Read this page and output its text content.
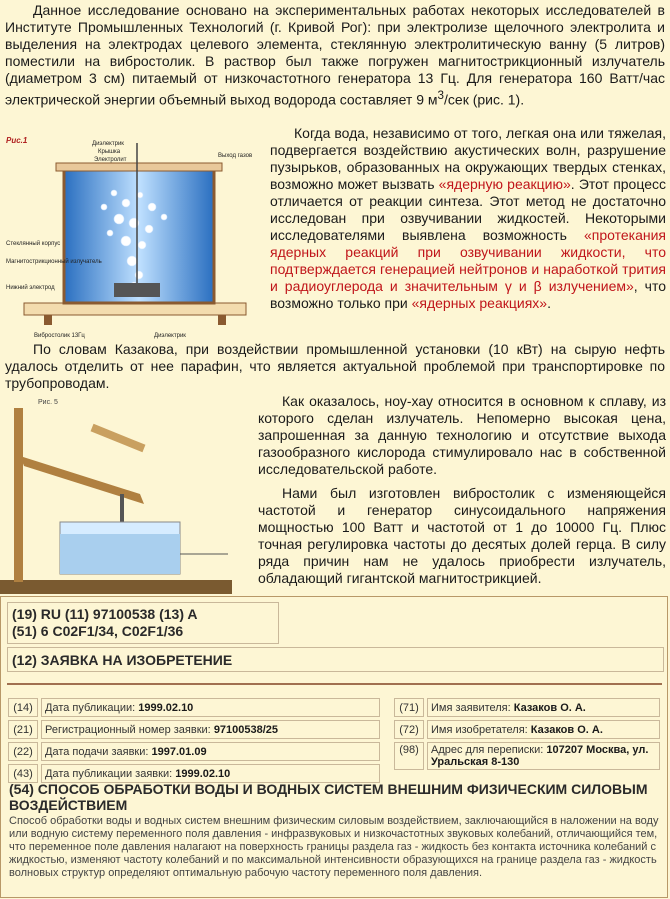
Данное исследование основано на экспериментальных работах некоторых исследователей в Институте Промышленных Технологий (г. Кривой Рог): при электролизе щелочного электролита и выделения на электродах целевого элемента, стеклянную электролитическую ванну (5 литров) поместили на вибростолик. В раствор был также погружен магнитострикционный излучатель (диаметром 3 см) питаемый от низкочастотного генератора 13 Гц. Для генератора 160 Ватт/час электрической энергии объемный выход водорода составляет 9 $м^3$/сек (рис. 1).

Рис.1	Диэлектрик
Крышка
Электролит
Выход газов
Стеклянный корпус
Магнитострикционный излучатель
Нижний электрод
Вибростолик 13Гц	Диэлектрик

Когда вода, независимо от того, легкая она или тяжелая, подвергается воздействию акустических волн, разрушение пузырьков, образованных на окружающих твердых стенках, возможно может вызвать «ядерную реакцию». Этот процесс отличается от реакции синтеза. Этот метод не достаточно исследован при озвучивании жидкостей. Некоторыми исследователями выявлена возможность «протекания ядерных реакций при озвучивании жидкости, что подтверждается генерацией нейтронов и наработкой трития и радиоуглерода и значительным γ и β излучением», что возможно только при «ядерных реакциях».

По словам Казакова, при воздействии промышленной установки (10 кВт) на сырую нефть удалось отделить от нее парафин, что является актуальной проблемой при транспортировке по трубопроводам.

Рис. 5	Как оказалось, ноу-хау относится в основном к сплаву, из которого сделан излучатель. Непомерно высокая цена, запрошенная за данную технологию и отсутствие выхода газообразного кислорода стимулировало нас в собственной исследовательской работе.

Нами был изготовлен вибростолик с изменяющейся частотой и генератор синусоидального напряжения мощностью 100 Ватт и частотой от 1 до 10000 Гц. Плюс точная регулировка частоты до десятых долей герца. В силу ряда причин нам не удалось приобрести излучатель, обладающий гигантской магнитострикцией.

(19) RU (11) 97100538 (13) A
(51) 6 C02F1/34, C02F1/36
(12) ЗАЯВКА НА ИЗОБРЕТЕНИЕ
(14)	Дата публикации: 1999.02.10
(21)	Регистрационный номер заявки: 97100538/25
(22)	Дата подачи заявки: 1997.01.09
(43)	Дата публикации заявки: 1999.02.10
(71)	Имя заявителя: Казаков О. А.
(72)	Имя изобретателя: Казаков О. А.
(98)	Адрес для переписки: 107207 Москва, ул. Уральская 8-130
(54) СПОСОБ ОБРАБОТКИ ВОДЫ И ВОДНЫХ СИСТЕМ ВНЕШНИМ ФИЗИЧЕСКИМ СИЛОВЫМ ВОЗДЕЙСТВИЕМ
Способ обработки воды и водных систем внешним физическим силовым воздействием, заключающийся в наложении на воду или водную систему переменного поля давления - инфразвуковых и низкочастотных звуковых колебаний, отличающийся тем, что переменное поле давления налагают на поверхность границы раздела газ - жидкость без контакта источника колебаний с жидкостью, изменяют частоту колебаний и по максимальной интенсивности образующихся на границе раздела газ - жидкость волновых структур определяют оптимальную рабочую частоту переменного поля давления.
